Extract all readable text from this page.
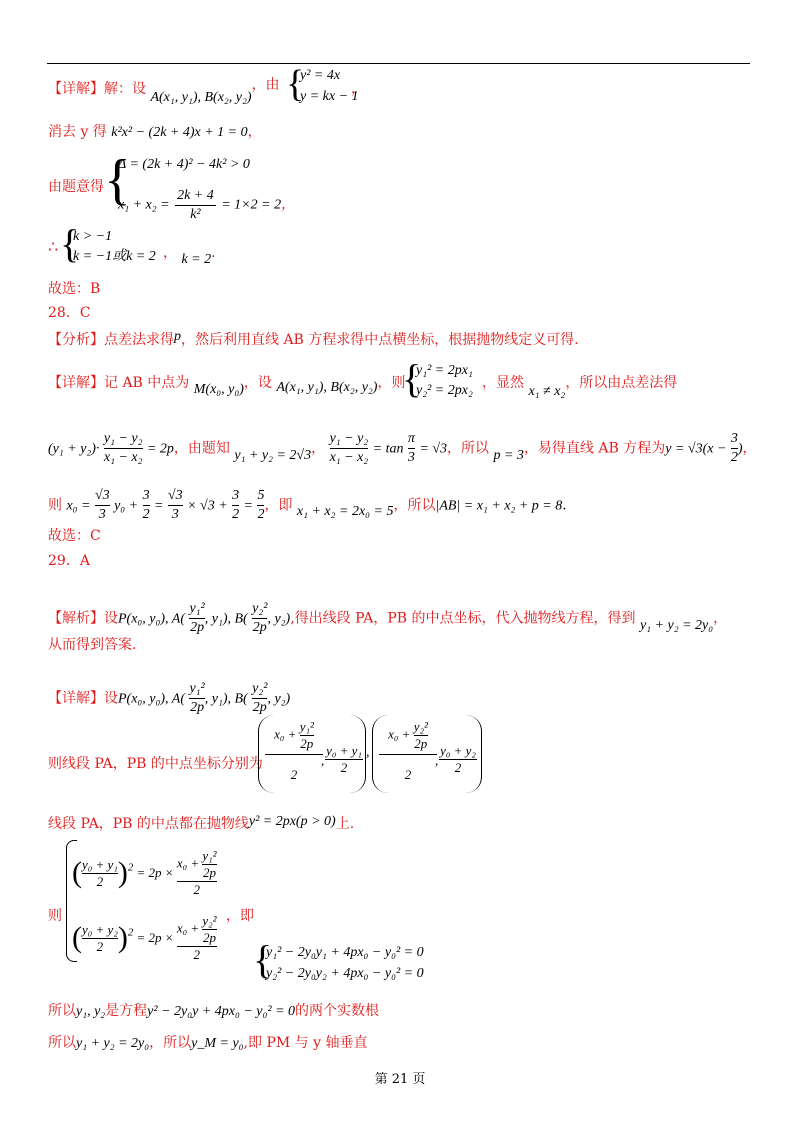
【详解】解：设 A(x₁, y₁), B(x₂, y₂)，由 {
y² = 4x
y = kx − 1
，
消去 y 得 k²x² − (2k + 4)x + 1 = 0，
由题意得 {
Δ = (2k + 4)² − 4k² > 0
$x_1 + x_2 = \frac{2k + 4}{\text{k²}} = 1\times 2 = 2$，
∴ {
k > −1
k = −1或k = 2 ， k = 2.
故选：B
28．C
【分析】点差法求得p，然后利用直线 AB 方程求得中点横坐标，根据抛物线定义可得.
【详解】记 AB 中点为 M(x₀, y₀)，设 A(x₁, y₁), B(x₂, y₂)，则
{
y₁² = 2px₁
y₂² = 2px₂ ，显然 x₁ ≠ x₂，所以由点差法得
$(y_1 + y_2)\cdot \frac{\text{y₁ − y₂}}{\text{x₁ − x₂}} = 2p$，由题知 y₁ + y₂ = 2√3， $\frac{\text{y₁ − y₂}}{\text{x₁ − x₂}} = \tan \frac{\pi}{3} = √3$，所以 p = 3，易得直线 AB 方程为$y = √3(x - \frac{3}{2}$ )，
则 $x_0 = \frac{√3}{3} y_0 + \frac{3}{2} = \frac{√3}{3} \times √3 + \frac{3}{2} = \frac{5}{2}$ ，即 x₁ + x₂ = 2x₀ = 5，所以|AB| = x₁ + x₂ + p = 8.
故选：C
29．A
【解析】设P(x₀, y₀), $A( \frac{\text{y₁²}}{2p}$ , y₁), $B( \frac{\text{y₂²}}{2p}$ , y₂),得出线段 PA，PB 的中点坐标，代入抛物线方程，得到 y₁ + y₂ = 2y₀，
从而得到答案.
【详解】设P(x₀, y₀), $A( \frac{\text{y₁²}}{2p}$ , y₁), $B( \frac{\text{y₂²}}{2p}$ , y₂)
则线段 PA，PB 的中点坐标分别为
$x_0 + \frac{\text{y₁²}}{2p}$
2
,
y₀ + y₁
2
,
$x_0 + \frac{\text{y₂²}}{2p}$
2
,
y₀ + y₂
2
线段 PA，PB 的中点都在抛物线y² = 2px(p > 0)上.
则
( $\frac{\text{y₀ + y₁}}{2} )^2 = 2p \times \frac{x_0 + \frac{\text{y₁²}}{2p}}{2}$
( $\frac{\text{y₀ + y₂}}{2} )^2 = 2p \times \frac{x_0 + \frac{\text{y₂²}}{2p}}{2}$ ，即
{
y₁² − 2y₀y₁ + 4px₀ − y₀² = 0
y₂² − 2y₀y₂ + 4px₀ − y₀² = 0
所以y₁, y₂是方程y² − 2y₀y + 4px₀ − y₀² = 0的两个实数根
所以y₁ + y₂ = 2y₀，所以y_M = y₀,即 PM 与 y 轴垂直
第 21 页
